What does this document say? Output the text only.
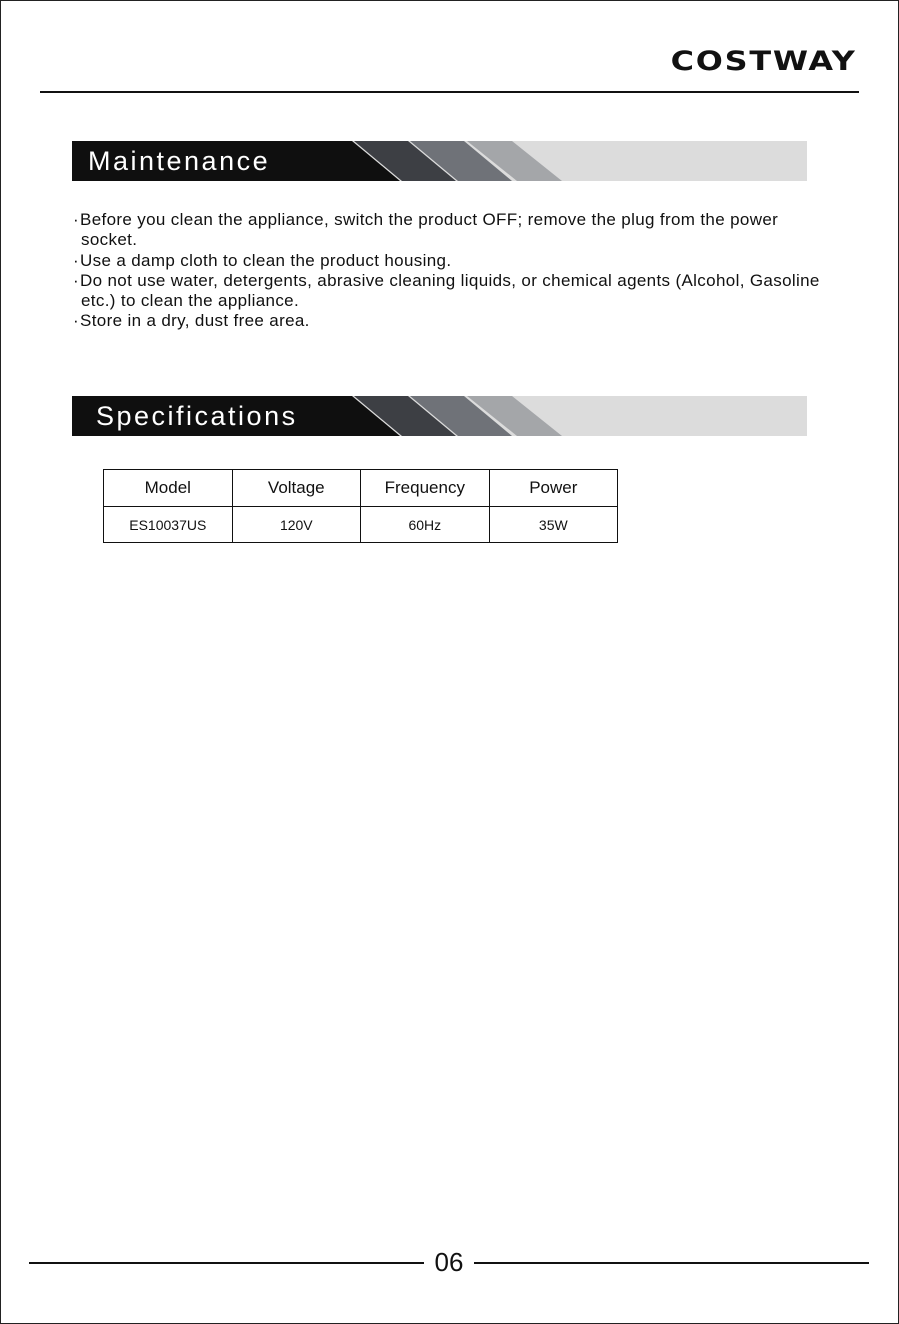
COSTWAY
Maintenance
·Before you clean the appliance, switch the product OFF; remove the plug from the power socket.
·Use a damp cloth to clean the product housing.
·Do not use water, detergents, abrasive cleaning liquids, or chemical agents (Alcohol, Gasoline etc.) to clean the appliance.
·Store in a dry, dust free area.
Specifications
Model	Voltage	Frequency	Power
ES10037US	120V	60Hz	35W
06
